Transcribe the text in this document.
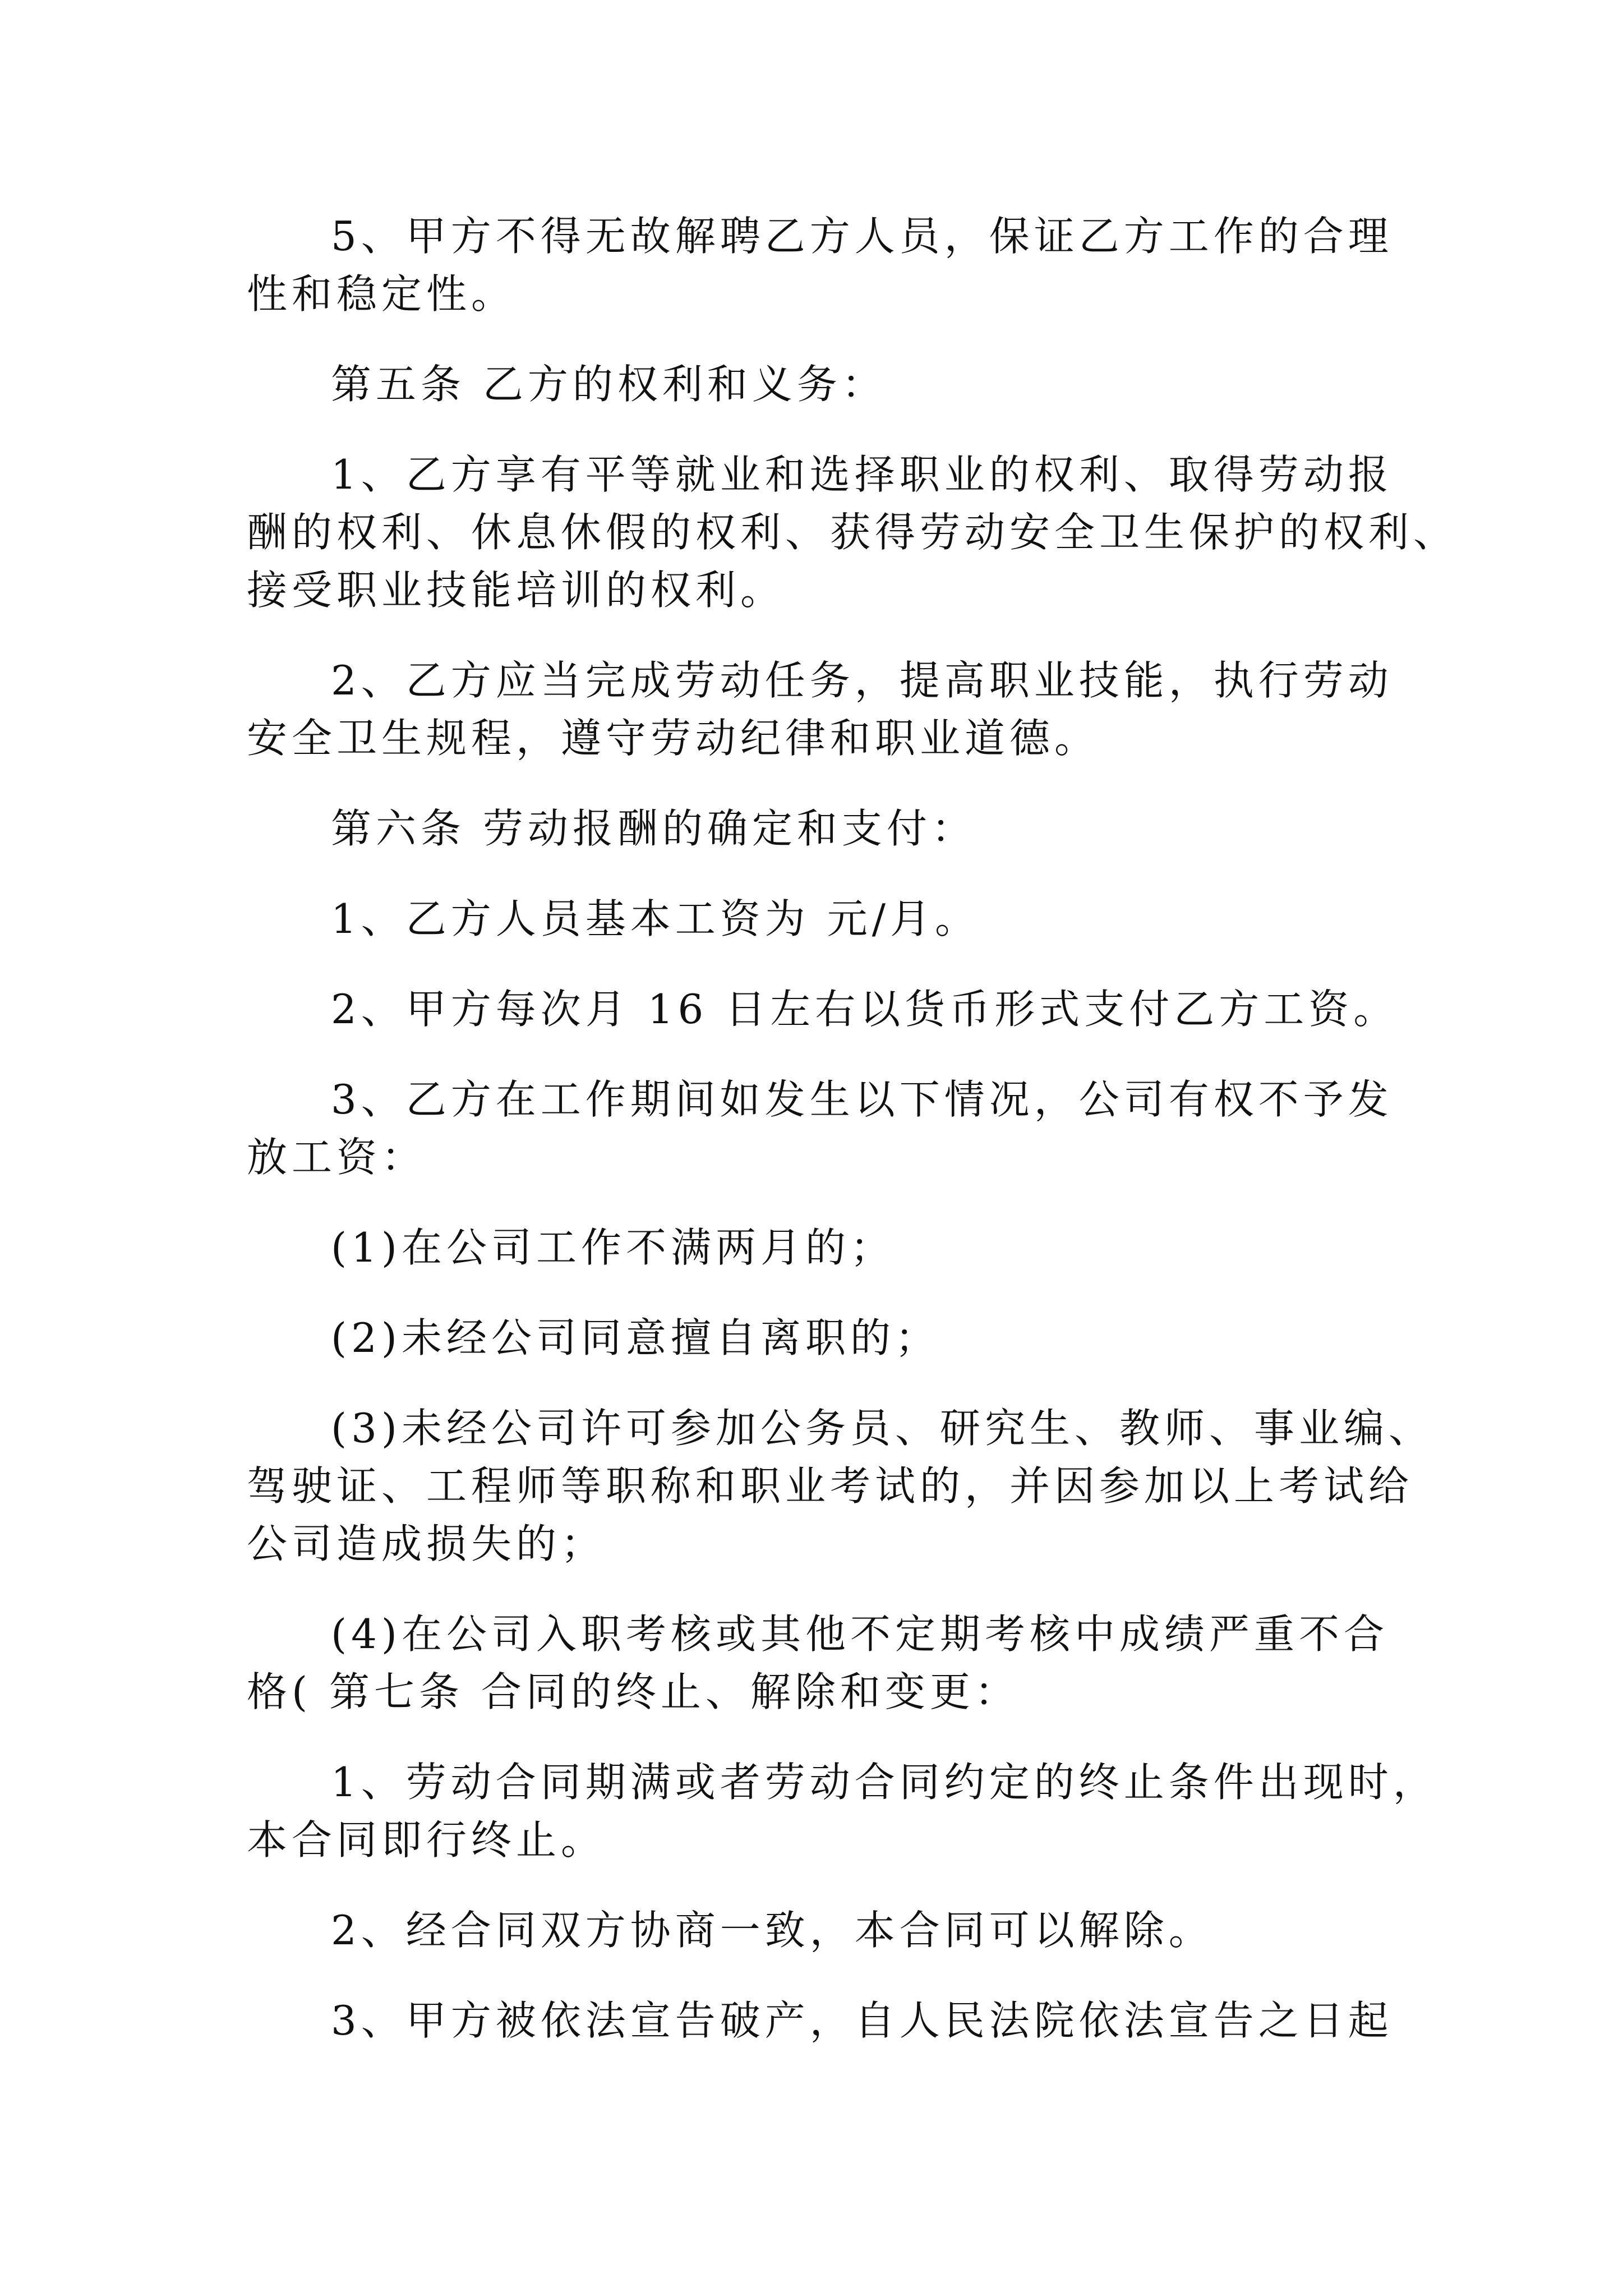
5、甲方不得无故解聘乙方人员，保证乙方工作的合理
性和稳定性。
第五条 乙方的权利和义务：
1、乙方享有平等就业和选择职业的权利、取得劳动报
酬的权利、休息休假的权利、获得劳动安全卫生保护的权利、
接受职业技能培训的权利。
2、乙方应当完成劳动任务，提高职业技能，执行劳动
安全卫生规程，遵守劳动纪律和职业道德。
第六条 劳动报酬的确定和支付：
1、乙方人员基本工资为 元/月。
2、甲方每次月 16 日左右以货币形式支付乙方工资。
3、乙方在工作期间如发生以下情况，公司有权不予发
放工资：
(1)在公司工作不满两月的；
(2)未经公司同意擅自离职的；
(3)未经公司许可参加公务员、研究生、教师、事业编、
驾驶证、工程师等职称和职业考试的，并因参加以上考试给
公司造成损失的；
(4)在公司入职考核或其他不定期考核中成绩严重不合
格( 第七条 合同的终止、解除和变更：
1、劳动合同期满或者劳动合同约定的终止条件出现时，
本合同即行终止。
2、经合同双方协商一致，本合同可以解除。
3、甲方被依法宣告破产，自人民法院依法宣告之日起
